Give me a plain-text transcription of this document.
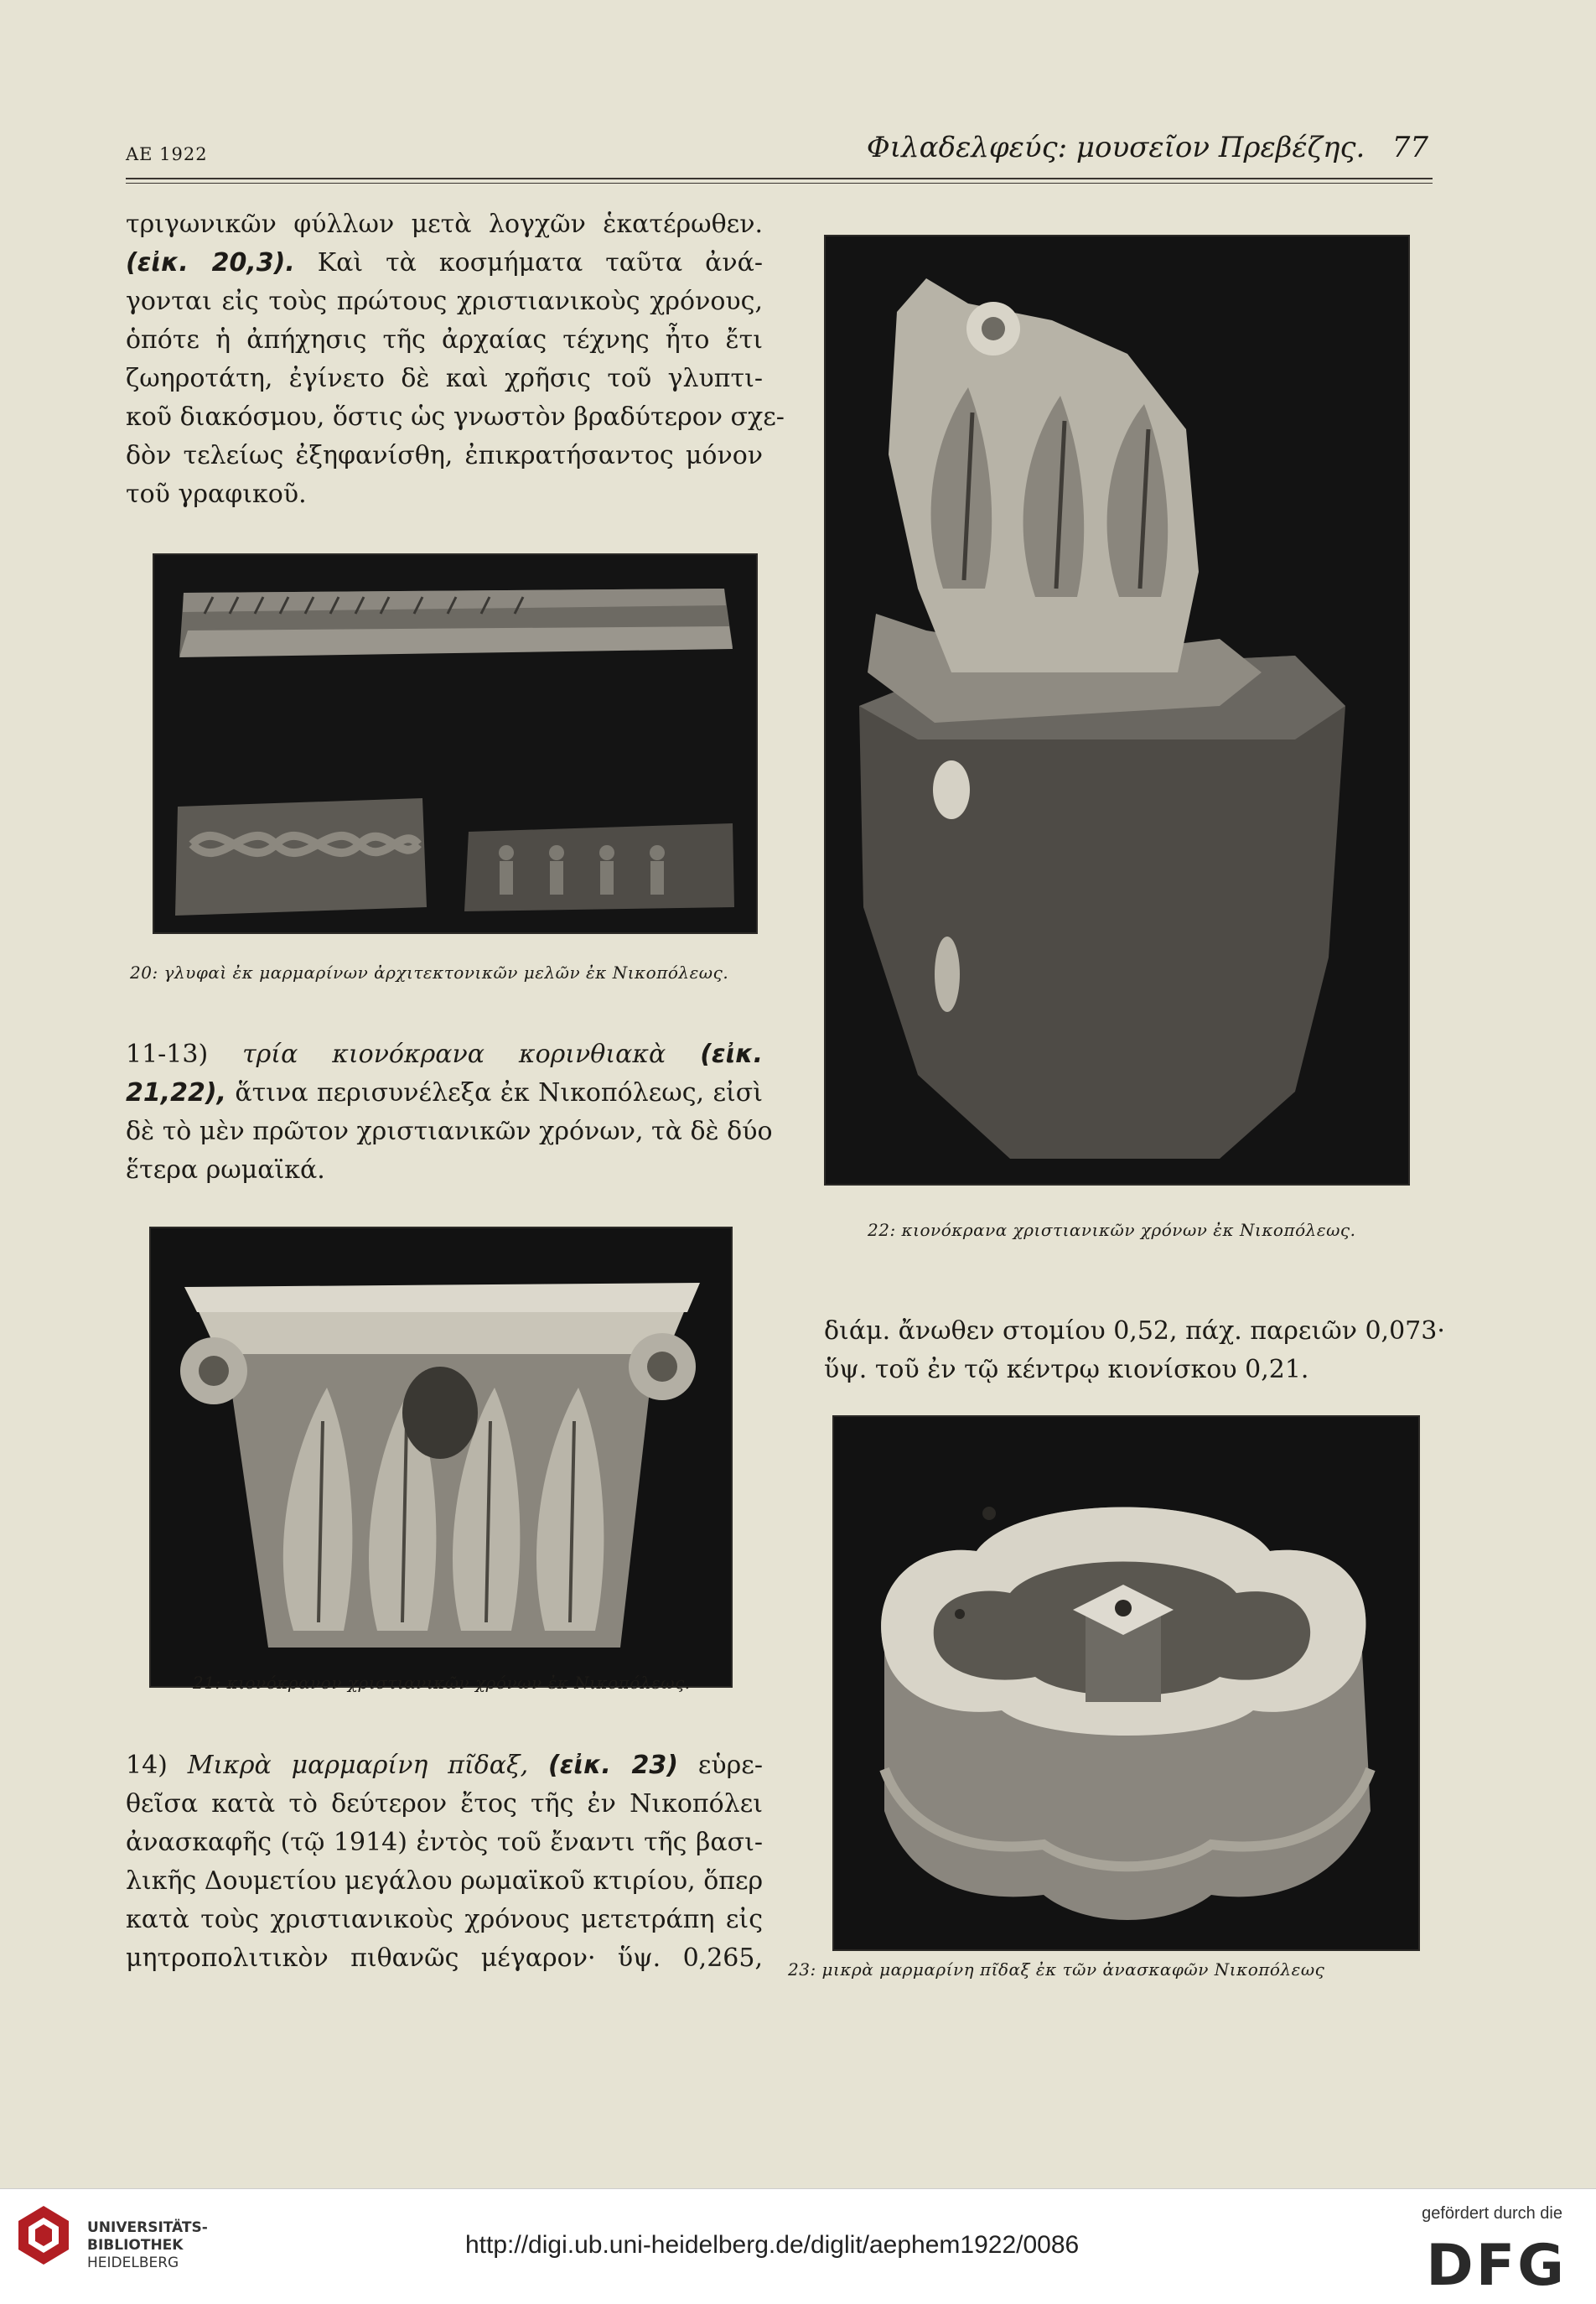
ΑΕ 1922	Φιλαδελφεύς: μουσεῖον Πρεβέζης. 77
τριγωνικῶν φύλλων μετὰ λογχῶν ἑκατέρωθεν.
(εἰκ. 20,3). Καὶ τὰ κοσμήματα ταῦτα ἀνά-
γονται εἰς τοὺς πρώτους χριστιανικοὺς χρόνους,
ὁπότε ἡ ἀπήχησις τῆς ἀρχαίας τέχνης ἦτο ἔτι
ζωηροτάτη, ἐγίνετο δὲ καὶ χρῆσις τοῦ γλυπτι-
κοῦ διακόσμου, ὅστις ὡς γνωστὸν βραδύτερον σχε-
δὸν τελείως ἐξηφανίσθη, ἐπικρατήσαντος μόνον
τοῦ γραφικοῦ.
20: γλυφαὶ ἐκ μαρμαρίνων ἀρχιτεκτονικῶν μελῶν ἐκ Νικοπόλεως.
11-13) τρία κιονόκρανα κορινθιακὰ (εἰκ.
21,22), ἅτινα περισυνέλεξα ἐκ Νικοπόλεως, εἰσὶ
δὲ τὸ μὲν πρῶτον χριστιανικῶν χρόνων, τὰ δὲ δύο
ἕτερα ρωμαϊκά.
21: κιονόκρανον χριστιανικῶν χρόνων ἐκ Νικοπόλεως.
14) Μικρὰ μαρμαρίνη πῖδαξ, (εἰκ. 23) εὑρε-
θεῖσα κατὰ τὸ δεύτερον ἔτος τῆς ἐν Νικοπόλει
ἀνασκαφῆς (τῷ 1914) ἐντὸς τοῦ ἔναντι τῆς βασι-
λικῆς Δουμετίου μεγάλου ρωμαϊκοῦ κτιρίου, ὅπερ
κατὰ τοὺς χριστιανικοὺς χρόνους μετετράπη εἰς
μητροπολιτικὸν πιθανῶς μέγαρον· ὕψ. 0,265,
22: κιονόκρανα χριστιανικῶν χρόνων ἐκ Νικοπόλεως.
διάμ. ἄνωθεν στομίου 0,52, πάχ. παρειῶν 0,073·
ὕψ. τοῦ ἐν τῷ κέντρῳ κιονίσκου 0,21.
23: μικρὰ μαρμαρίνη πῖδαξ ἐκ τῶν ἀνασκαφῶν Νικοπόλεως
UNIVERSITÄTS-
BIBLIOTHEK
HEIDELBERG
http://digi.ub.uni-heidelberg.de/diglit/aephem1922/0086
gefördert durch die
DFG
